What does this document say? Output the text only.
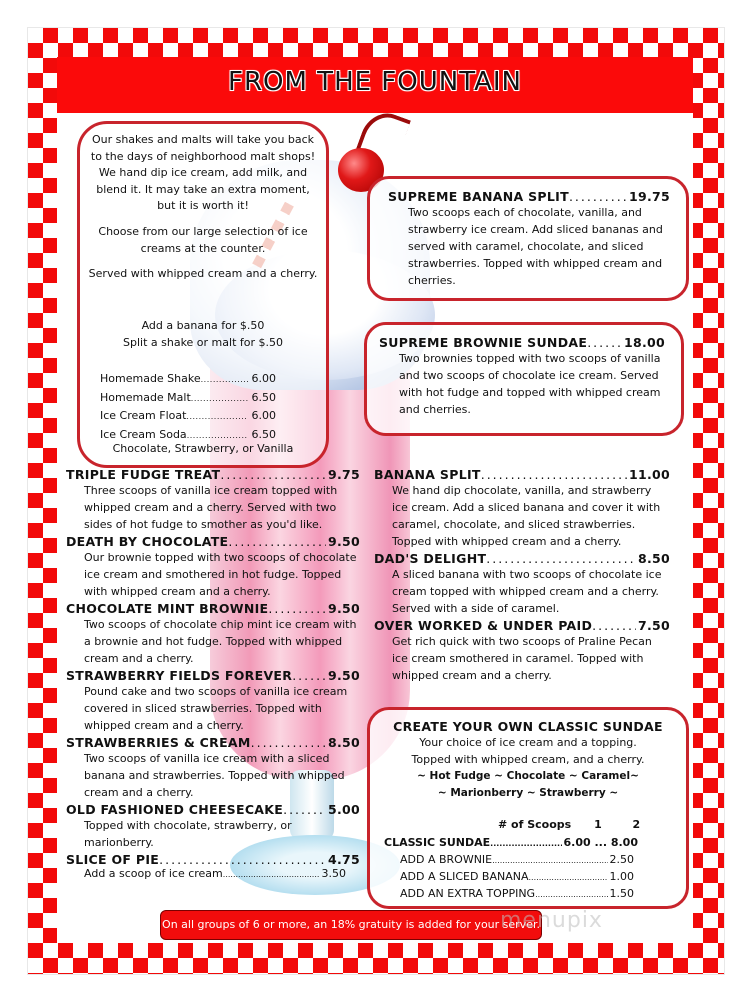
FROM THE FOUNTAIN

Our shakes and malts will take you back to the days of neighborhood malt shops! We hand dip ice cream, add milk, and blend it. It may take an extra moment, but it is worth it!

Choose from our large selection of ice creams at the counter.

Served with whipped cream and a cherry.

Add a banana for $.50

Split a shake or malt for $.50

Homemade Shake .....	6.00
Homemade Malt .....	6.50
Ice Cream Float .....	6.00
Ice Cream Soda .....	6.50

Chocolate, Strawberry, or Vanilla

SUPREME BANANA SPLIT .....	19.75
Two scoops each of chocolate, vanilla, and strawberry ice cream. Add sliced bananas and served with caramel, chocolate, and sliced strawberries. Topped with whipped cream and cherries.
SUPREME BROWNIE SUNDAE .....	18.00
Two brownies topped with two scoops of vanilla and two scoops of chocolate ice cream. Served with hot fudge and topped with whipped cream and cherries.
TRIPLE FUDGE TREAT .....	9.75
Three scoops of vanilla ice cream topped with whipped cream and a cherry. Served with two sides of hot fudge to smother as you'd like.
DEATH BY CHOCOLATE .....	9.50
Our brownie topped with two scoops of chocolate ice cream and smothered in hot fudge. Topped with whipped cream and a cherry.
CHOCOLATE MINT BROWNIE .....	9.50
Two scoops of chocolate chip mint ice cream with a brownie and hot fudge. Topped with whipped cream and a cherry.
STRAWBERRY FIELDS FOREVER .....	9.50
Pound cake and two scoops of vanilla ice cream covered in sliced strawberries. Topped with whipped cream and a cherry.
STRAWBERRIES & CREAM .....	8.50
Two scoops of vanilla ice cream with a sliced banana and strawberries. Topped with whipped cream and a cherry.
OLD FASHIONED CHEESECAKE .....	5.00
Topped with chocolate, strawberry, or marionberry.
SLICE OF PIE .....	4.75
Add a scoop of ice cream .....	3.50
BANANA SPLIT .....	11.00
We hand dip chocolate, vanilla, and strawberry ice cream. Add a sliced banana and cover it with caramel, chocolate, and sliced strawberries. Topped with whipped cream and a cherry.
DAD'S DELIGHT .....	8.50
A sliced banana with two scoops of chocolate ice cream topped with whipped cream and a cherry. Served with a side of caramel.
OVER WORKED & UNDER PAID .....	7.50
Get rich quick with two scoops of Praline Pecan ice cream smothered in caramel. Topped with whipped cream and a cherry.
CREATE YOUR OWN CLASSIC SUNDAE
Your choice of ice cream and a topping.
Topped with whipped cream, and a cherry.
~ Hot Fudge ~ Chocolate ~ Caramel~
~ Marionberry ~ Strawberry ~
# of Scoops      1        2
CLASSIC SUNDAE .....	6.00 ... 8.00
ADD A BROWNIE .....	2.50
ADD A SLICED BANANA .....	1.00
ADD AN EXTRA TOPPING .....	1.50
On all groups of 6 or more, an 18% gratuity is added for your server.
menupix
